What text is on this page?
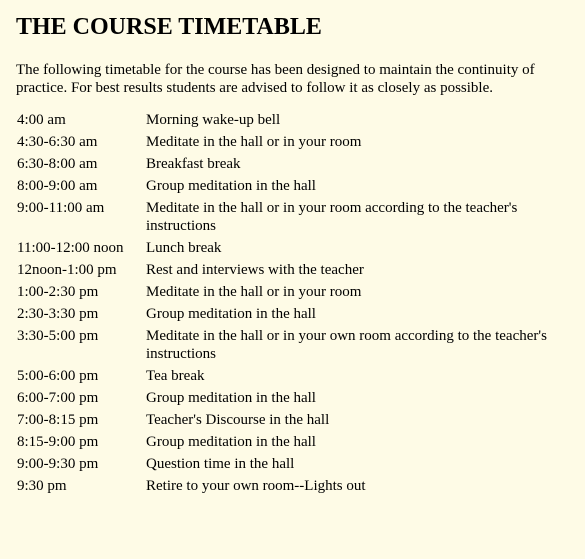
THE COURSE TIMETABLE

The following timetable for the course has been designed to maintain the continuity of practice. For best results students are advised to follow it as closely as possible.

4:00 am	Morning wake-up bell
4:30-6:30 am	Meditate in the hall or in your room
6:30-8:00 am	Breakfast break
8:00-9:00 am	Group meditation in the hall
9:00-11:00 am	Meditate in the hall or in your room according to the teacher's instructions
11:00-12:00 noon	Lunch break
12noon-1:00 pm	Rest and interviews with the teacher
1:00-2:30 pm	Meditate in the hall or in your room
2:30-3:30 pm	Group meditation in the hall
3:30-5:00 pm	Meditate in the hall or in your own room according to the teacher's instructions
5:00-6:00 pm	Tea break
6:00-7:00 pm	Group meditation in the hall
7:00-8:15 pm	Teacher's Discourse in the hall
8:15-9:00 pm	Group meditation in the hall
9:00-9:30 pm	Question time in the hall
9:30 pm	Retire to your own room--Lights out
